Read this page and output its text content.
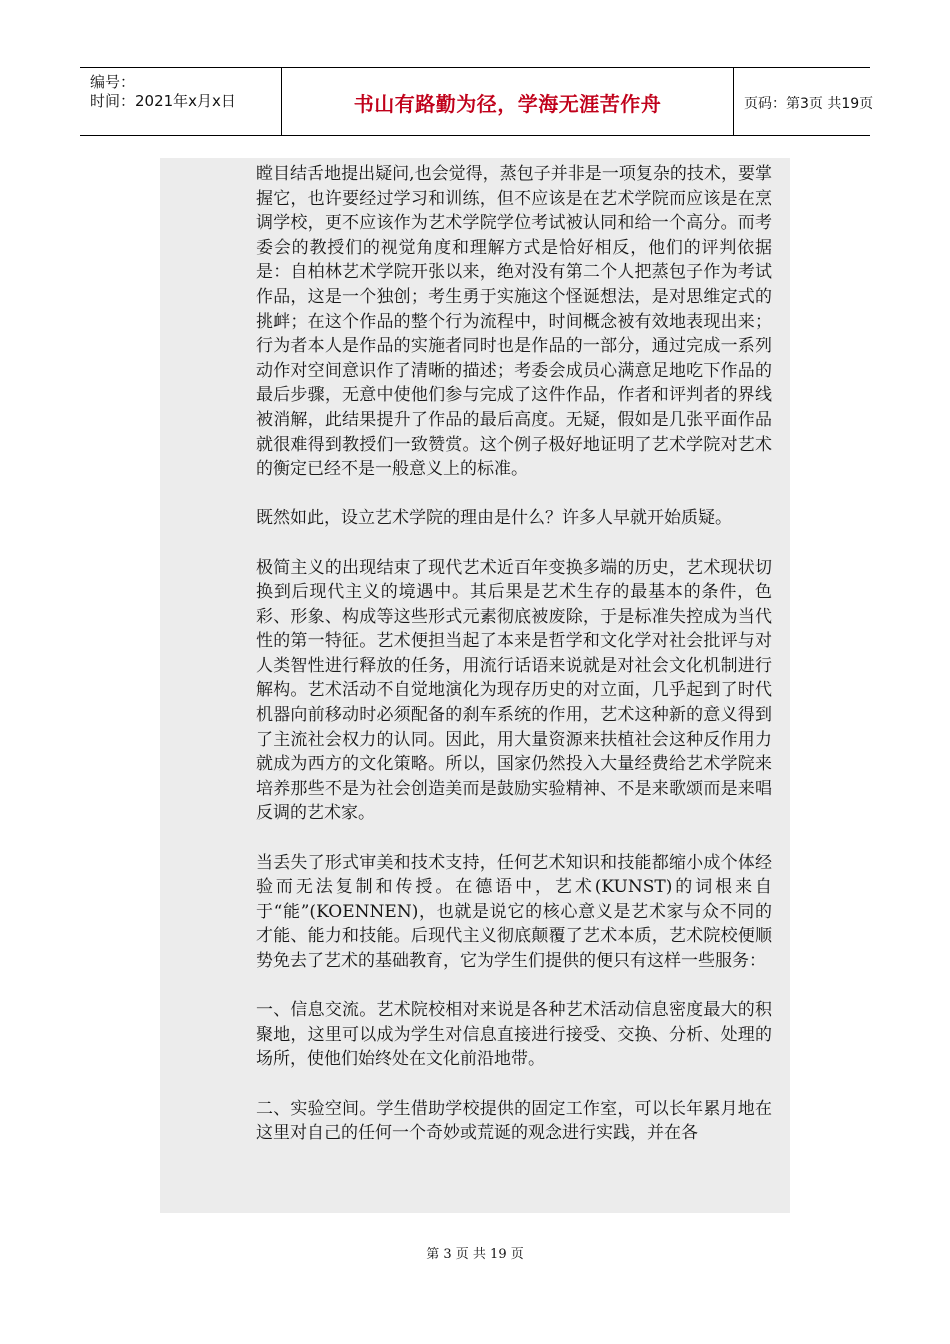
编号：
时间：2021年x月x日	书山有路勤为径，学海无涯苦作舟	页码：第3页 共19页

瞠目结舌地提出疑问,也会觉得，蒸包子并非是一项复杂的技术，要掌握它，也许要经过学习和训练，但不应该是在艺术学院而应该是在烹调学校，更不应该作为艺术学院学位考试被认同和给一个高分。而考委会的教授们的视觉角度和理解方式是恰好相反，他们的评判依据是：自柏林艺术学院开张以来，绝对没有第二个人把蒸包子作为考试作品，这是一个独创；考生勇于实施这个怪诞想法，是对思维定式的挑衅；在这个作品的整个行为流程中，时间概念被有效地表现出来；行为者本人是作品的实施者同时也是作品的一部分，通过完成一系列动作对空间意识作了清晰的描述；考委会成员心满意足地吃下作品的最后步骤，无意中使他们参与完成了这件作品，作者和评判者的界线被消解，此结果提升了作品的最后高度。无疑，假如是几张平面作品就很难得到教授们一致赞赏。这个例子极好地证明了艺术学院对艺术的衡定已经不是一般意义上的标准。

既然如此，设立艺术学院的理由是什么？许多人早就开始质疑。

极简主义的出现结束了现代艺术近百年变换多端的历史，艺术现状切换到后现代主义的境遇中。其后果是艺术生存的最基本的条件，色彩、形象、构成等这些形式元素彻底被废除，于是标准失控成为当代性的第一特征。艺术便担当起了本来是哲学和文化学对社会批评与对人类智性进行释放的任务，用流行话语来说就是对社会文化机制进行解构。艺术活动不自觉地演化为现存历史的对立面，几乎起到了时代机器向前移动时必须配备的刹车系统的作用，艺术这种新的意义得到了主流社会权力的认同。因此，用大量资源来扶植社会这种反作用力就成为西方的文化策略。所以，国家仍然投入大量经费给艺术学院来培养那些不是为社会创造美而是鼓励实验精神、不是来歌颂而是来唱反调的艺术家。

当丢失了形式审美和技术支持，任何艺术知识和技能都缩小成个体经验而无法复制和传授。在德语中，艺术(KUNST)的词根来自于“能”(KOENNEN)，也就是说它的核心意义是艺术家与众不同的才能、能力和技能。后现代主义彻底颠覆了艺术本质，艺术院校便顺势免去了艺术的基础教育，它为学生们提供的便只有这样一些服务：

一、信息交流。艺术院校相对来说是各种艺术活动信息密度最大的积聚地，这里可以成为学生对信息直接进行接受、交换、分析、处理的场所，使他们始终处在文化前沿地带。

二、实验空间。学生借助学校提供的固定工作室，可以长年累月地在这里对自己的任何一个奇妙或荒诞的观念进行实践，并在各

第 3 页 共 19 页
